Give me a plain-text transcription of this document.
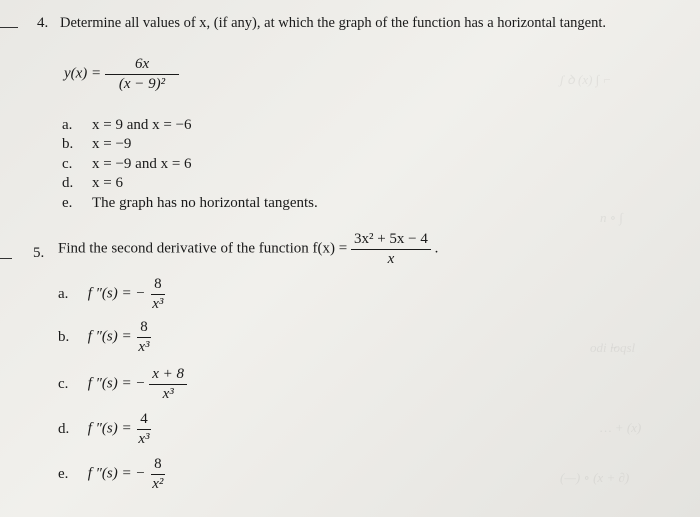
ʃ ꝺ (x) ∫ ⌐
n ∘ ∫
odi l̶oqsl
… + (x)
(—) ∘ (x + ∂)
4. Determine all values of x, (if any), at which the graph of the function has a horizontal tangent.
$y(x) = \frac{6x}{\text{(x − 9)²}}$
a. x = 9 and x = −6
b. x = −9
c. x = −9 and x = 6
d. x = 6
e. The graph has no horizontal tangents.
5. Find the second derivative of the function $f(x) = \frac{\text{3x² + 5x − 4}}{x}$ .
a. f ″(s) = − $\frac{8}{\text{x³}}$
b. f $''(s) = \frac{8}{\text{x³}}$
c. f ″(s) = − $\frac{x + 8}{\text{x³}}$
d. f $''(s) = \frac{4}{\text{x³}}$
e. f ″(s) = − $\frac{8}{\text{x²}}$
